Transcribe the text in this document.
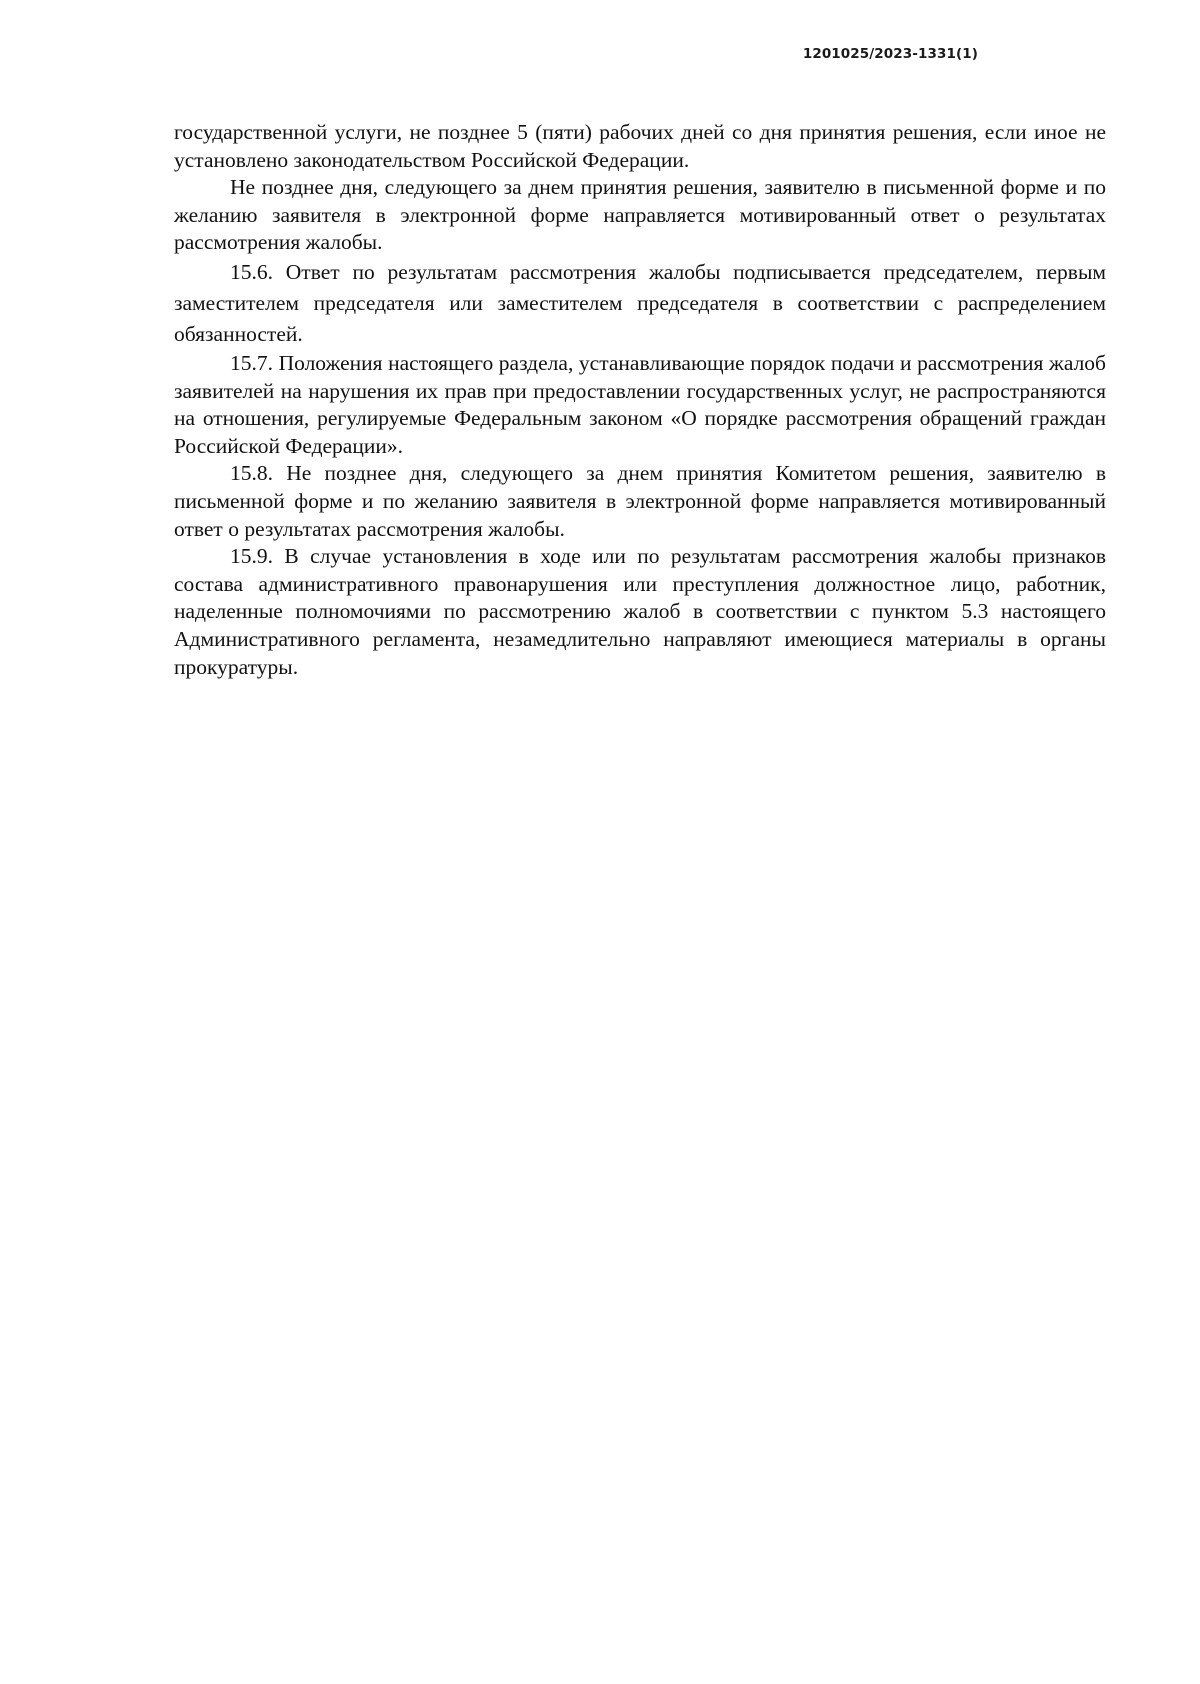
1201025/2023-1331(1)

государственной услуги, не позднее 5 (пяти) рабочих дней со дня принятия решения, если иное не установлено законодательством Российской Федерации.

Не позднее дня, следующего за днем принятия решения, заявителю в письменной форме и по желанию заявителя в электронной форме направляется мотивированный ответ о результатах рассмотрения жалобы.

15.6. Ответ по результатам рассмотрения жалобы подписывается председателем, первым заместителем председателя или заместителем председателя в соответствии с распределением обязанностей.

15.7. Положения настоящего раздела, устанавливающие порядок подачи и рассмотрения жалоб заявителей на нарушения их прав при предоставлении государственных услуг, не распространяются на отношения, регулируемые Федеральным законом «О порядке рассмотрения обращений граждан Российской Федерации».

15.8. Не позднее дня, следующего за днем принятия Комитетом решения, заявителю в письменной форме и по желанию заявителя в электронной форме направляется мотивированный ответ о результатах рассмотрения жалобы.

15.9. В случае установления в ходе или по результатам рассмотрения жалобы признаков состава административного правонарушения или преступления должностное лицо, работник, наделенные полномочиями по рассмотрению жалоб в соответствии с пунктом 5.3 настоящего Административного регламента, незамедлительно направляют имеющиеся материалы в органы прокуратуры.
